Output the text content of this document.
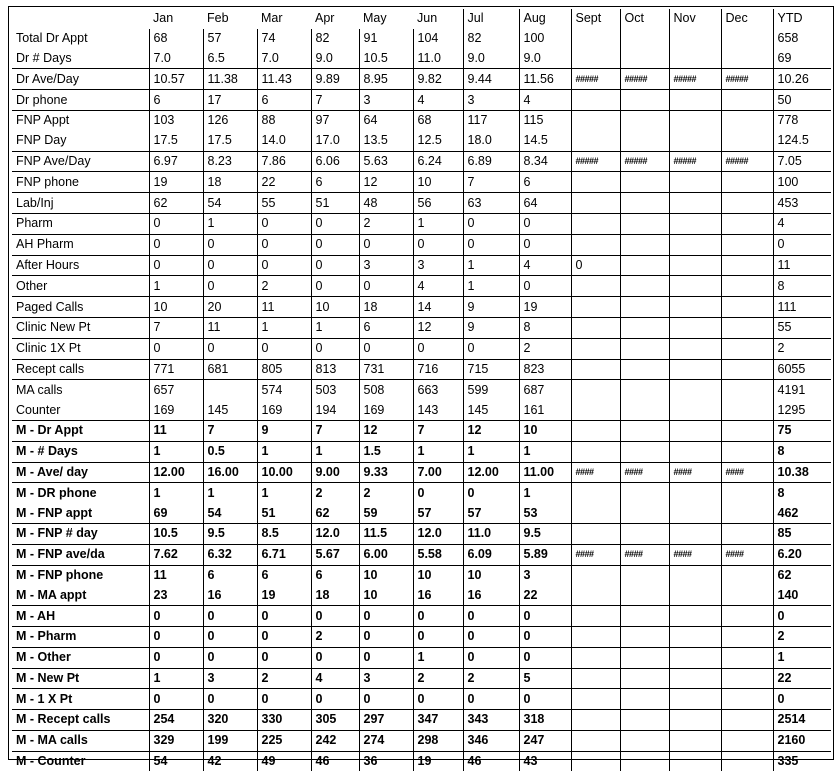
	Jan	Feb	Mar	Apr	May	Jun	Jul	Aug	Sept	Oct	Nov	Dec	YTD
Total Dr Appt	68	57	74	82	91	104	82	100					658
Dr # Days	7.0	6.5	7.0	9.0	10.5	11.0	9.0	9.0					69
Dr Ave/Day	10.57	11.38	11.43	9.89	8.95	9.82	9.44	11.56	#####	#####	#####	#####	10.26
Dr phone	6	17	6	7	3	4	3	4					50
FNP Appt	103	126	88	97	64	68	117	115					778
FNP Day	17.5	17.5	14.0	17.0	13.5	12.5	18.0	14.5					124.5
FNP Ave/Day	6.97	8.23	7.86	6.06	5.63	6.24	6.89	8.34	#####	#####	#####	#####	7.05
FNP phone	19	18	22	6	12	10	7	6					100
Lab/Inj	62	54	55	51	48	56	63	64					453
Pharm	0	1	0	0	2	1	0	0					4
AH Pharm	0	0	0	0	0	0	0	0					0
After Hours	0	0	0	0	3	3	1	4	0				11
Other	1	0	2	0	0	4	1	0					8
Paged Calls	10	20	11	10	18	14	9	19					111
Clinic New Pt	7	11	1	1	6	12	9	8					55
Clinic 1X Pt	0	0	0	0	0	0	0	2					2
Recept calls	771	681	805	813	731	716	715	823					6055
MA calls	657		574	503	508	663	599	687					4191
Counter	169	145	169	194	169	143	145	161					1295
M - Dr Appt	11	7	9	7	12	7	12	10					75
M - # Days	1	0.5	1	1	1.5	1	1	1					8
M - Ave/ day	12.00	16.00	10.00	9.00	9.33	7.00	12.00	11.00	####	####	####	####	10.38
M - DR phone	1	1	1	2	2	0	0	1					8
M - FNP appt	69	54	51	62	59	57	57	53					462
M - FNP # day	10.5	9.5	8.5	12.0	11.5	12.0	11.0	9.5					85
M - FNP ave/da	7.62	6.32	6.71	5.67	6.00	5.58	6.09	5.89	####	####	####	####	6.20
M - FNP phone	11	6	6	6	10	10	10	3					62
M - MA appt	23	16	19	18	10	16	16	22					140
M - AH	0	0	0	0	0	0	0	0					0
M - Pharm	0	0	0	2	0	0	0	0					2
M - Other	0	0	0	0	0	1	0	0					1
M - New Pt	1	3	2	4	3	2	2	5					22
M - 1 X Pt	0	0	0	0	0	0	0	0					0
M - Recept calls	254	320	330	305	297	347	343	318					2514
M - MA calls	329	199	225	242	274	298	346	247					2160
M - Counter	54	42	49	46	36	19	46	43					335
